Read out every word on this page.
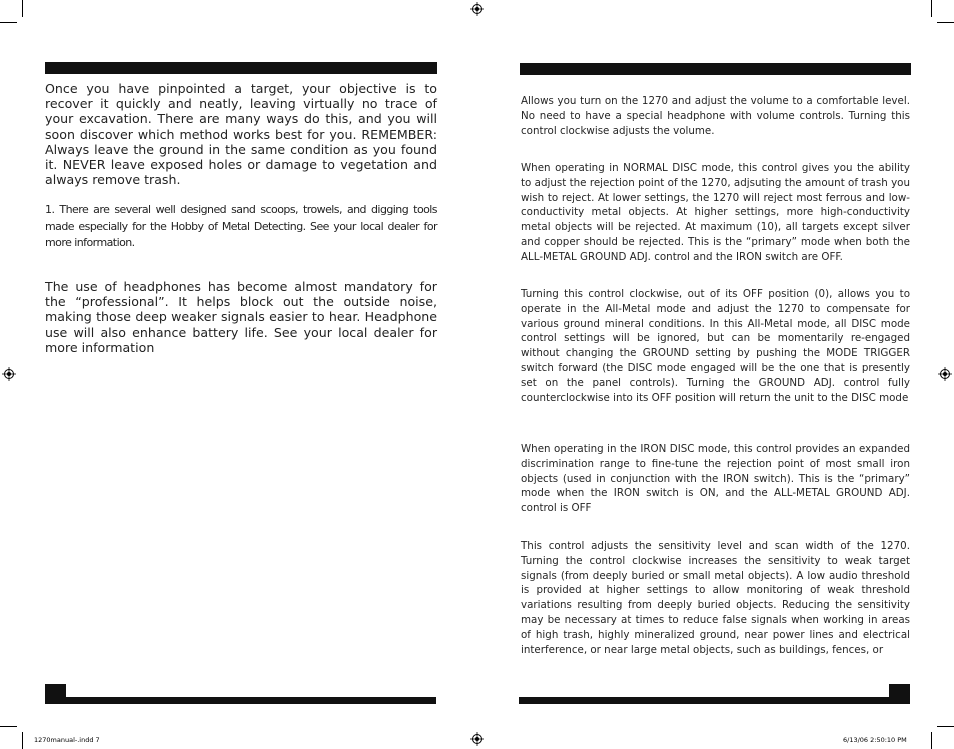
Once you have pinpointed a target, your objective is to recover it quickly and neatly, leaving virtually no trace of your excavation. There are many ways do this, and you will soon discover which method works best for you. REMEMBER: Always leave the ground in the same condition as you found it. NEVER leave exposed holes or damage to vegetation and always remove trash.

1. There are several well designed sand scoops, trowels, and digging tools made especially for the Hobby of Metal Detecting. See your local dealer for more information.

The use of headphones has become almost mandatory for the “professional”. It helps block out the outside noise, making those deep weaker signals easier to hear. Headphone use will also enhance battery life. See your local dealer for more information

Allows you turn on the 1270 and adjust the volume to a comfortable level. No need to have a special headphone with volume controls. Turning this control clockwise adjusts the volume.

When operating in NORMAL DISC mode, this control gives you the ability to adjust the rejection point of the 1270, adjsuting the amount of trash you wish to reject. At lower settings, the 1270 will reject most ferrous and low-conductivity metal objects. At higher settings, more high-conductivity metal objects will be rejected. At maximum (10), all targets except silver and copper should be rejected. This is the “primary” mode when both the ALL-METAL GROUND ADJ. control and the IRON switch are OFF.

Turning this control clockwise, out of its OFF position (0), allows you to operate in the All-Metal mode and adjust the 1270 to compensate for various ground mineral conditions. In this All-Metal mode, all DISC mode control settings will be ignored, but can be momentarily re-engaged without changing the GROUND setting by pushing the MODE TRIGGER switch forward (the DISC mode engaged will be the one that is presently set on the panel controls). Turning the GROUND ADJ. control fully counterclockwise into its OFF position will return the unit to the DISC mode

When operating in the IRON DISC mode, this control provides an expanded discrimination range to fine-tune the rejection point of most small iron objects (used in conjunction with the IRON switch). This is the “primary” mode when the IRON switch is ON, and the ALL-METAL GROUND ADJ. control is OFF

This control adjusts the sensitivity level and scan width of the 1270. Turning the control clockwise increases the sensitivity to weak target signals (from deeply buried or small metal objects). A low audio threshold is provided at higher settings to allow monitoring of weak threshold variations resulting from deeply buried objects. Reducing the sensitivity may be necessary at times to reduce false signals when working in areas of high trash, highly mineralized ground, near power lines and electrical interference, or near large metal objects, such as buildings, fences, or

1270manual-.indd 7	6/13/06 2:50:10 PM
